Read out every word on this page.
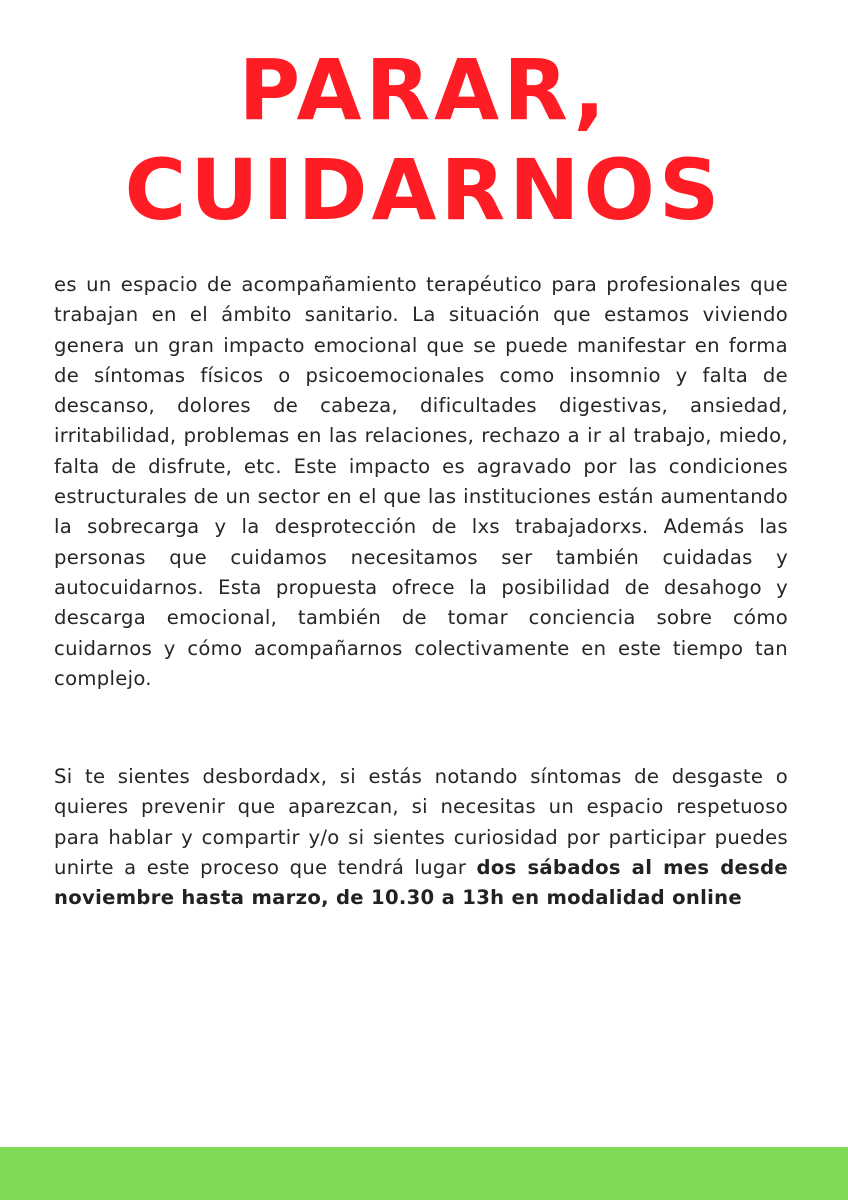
PARAR,
CUIDARNOS

es un espacio de acompañamiento terapéutico para profesionales que trabajan en el ámbito sanitario. La situación que estamos viviendo genera un gran impacto emocional que se puede manifestar en forma de síntomas físicos o psicoemocionales como insomnio y falta de descanso, dolores de cabeza, dificultades digestivas, ansiedad, irritabilidad, problemas en las relaciones, rechazo a ir al trabajo, miedo, falta de disfrute, etc. Este impacto es agravado por las condiciones estructurales de un sector en el que las instituciones están aumentando la sobrecarga y la desprotección de lxs trabajadorxs. Además las personas que cuidamos necesitamos ser también cuidadas y autocuidarnos. Esta propuesta ofrece la posibilidad de desahogo y descarga emocional, también de tomar conciencia sobre cómo cuidarnos y cómo acompañarnos colectivamente en este tiempo tan complejo.

Si te sientes desbordadx, si estás notando síntomas de desgaste o quieres prevenir que aparezcan, si necesitas un espacio respetuoso para hablar y compartir y/o si sientes curiosidad por participar puedes unirte a este proceso que tendrá lugar dos sábados al mes desde noviembre hasta marzo, de 10.30 a 13h en modalidad online
